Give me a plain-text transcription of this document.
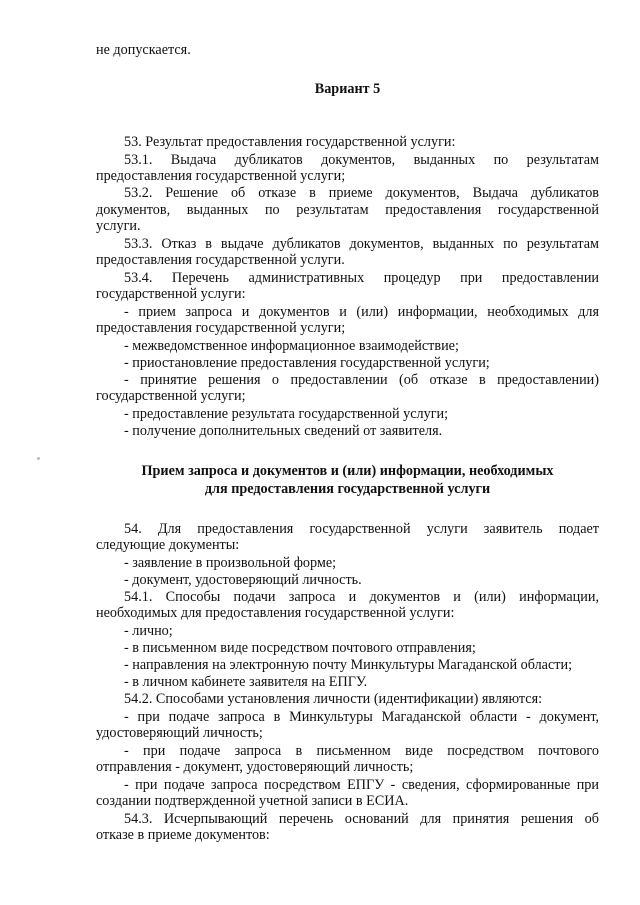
не допускается.
Вариант 5
53. Результат предоставления государственной услуги:
53.1. Выдача дубликатов документов, выданных по результатам
предоставления государственной услуги;
53.2. Решение об отказе в приеме документов, Выдача дубликатов
документов, выданных по результатам предоставления государственной
услуги.
53.3. Отказ в выдаче дубликатов документов, выданных по результатам
предоставления государственной услуги.
53.4. Перечень административных процедур при предоставлении
государственной услуги:
- прием запроса и документов и (или) информации, необходимых для
предоставления государственной услуги;
- межведомственное информационное взаимодействие;
- приостановление предоставления государственной услуги;
- принятие решения о предоставлении (об отказе в предоставлении)
государственной услуги;
- предоставление результата государственной услуги;
- получение дополнительных сведений от заявителя.
Прием запроса и документов и (или) информации, необходимых
для предоставления государственной услуги
54. Для предоставления государственной услуги заявитель подает
следующие документы:
- заявление в произвольной форме;
- документ, удостоверяющий личность.
54.1. Способы подачи запроса и документов и (или) информации,
необходимых для предоставления государственной услуги:
- лично;
- в письменном виде посредством почтового отправления;
- направления на электронную почту Минкультуры Магаданской области;
- в личном кабинете заявителя на ЕПГУ.
54.2. Способами установления личности (идентификации) являются:
- при подаче запроса в Минкультуры Магаданской области - документ,
удостоверяющий личность;
- при подаче запроса в письменном виде посредством почтового
отправления - документ, удостоверяющий личность;
- при подаче запроса посредством ЕПГУ - сведения, сформированные при
создании подтвержденной учетной записи в ЕСИА.
54.3. Исчерпывающий перечень оснований для принятия решения об
отказе в приеме документов:
